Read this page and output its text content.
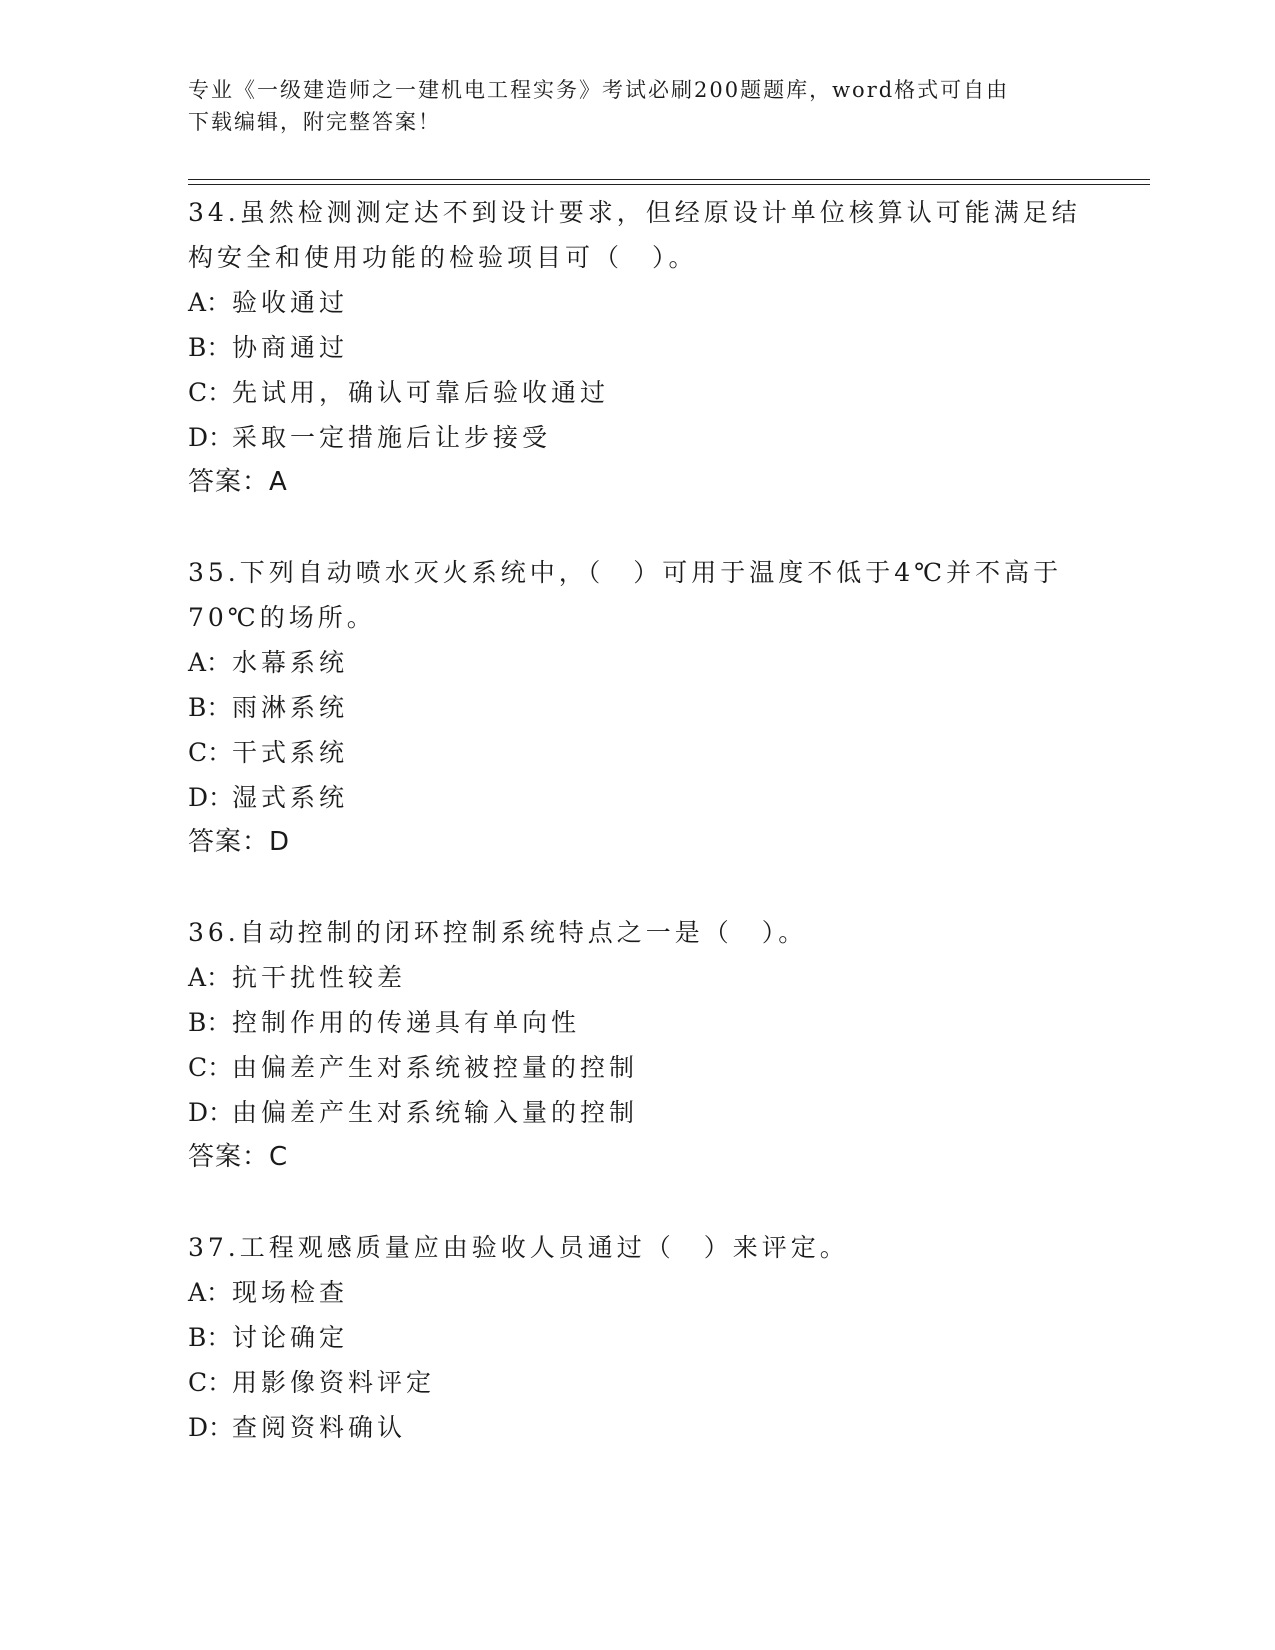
专业《一级建造师之一建机电工程实务》考试必刷200题题库，word格式可自由
下载编辑，附完整答案！
34.虽然检测测定达不到设计要求，但经原设计单位核算认可能满足结
构安全和使用功能的检验项目可（　）。
A：验收通过
B：协商通过
C：先试用，确认可靠后验收通过
D：采取一定措施后让步接受
答案：A
35.下列自动喷水灭火系统中，（　）可用于温度不低于4℃并不高于
70℃的场所。
A：水幕系统
B：雨淋系统
C：干式系统
D：湿式系统
答案：D
36.自动控制的闭环控制系统特点之一是（　）。
A：抗干扰性较差
B：控制作用的传递具有单向性
C：由偏差产生对系统被控量的控制
D：由偏差产生对系统输入量的控制
答案：C
37.工程观感质量应由验收人员通过（　）来评定。
A：现场检查
B：讨论确定
C：用影像资料评定
D：查阅资料确认
